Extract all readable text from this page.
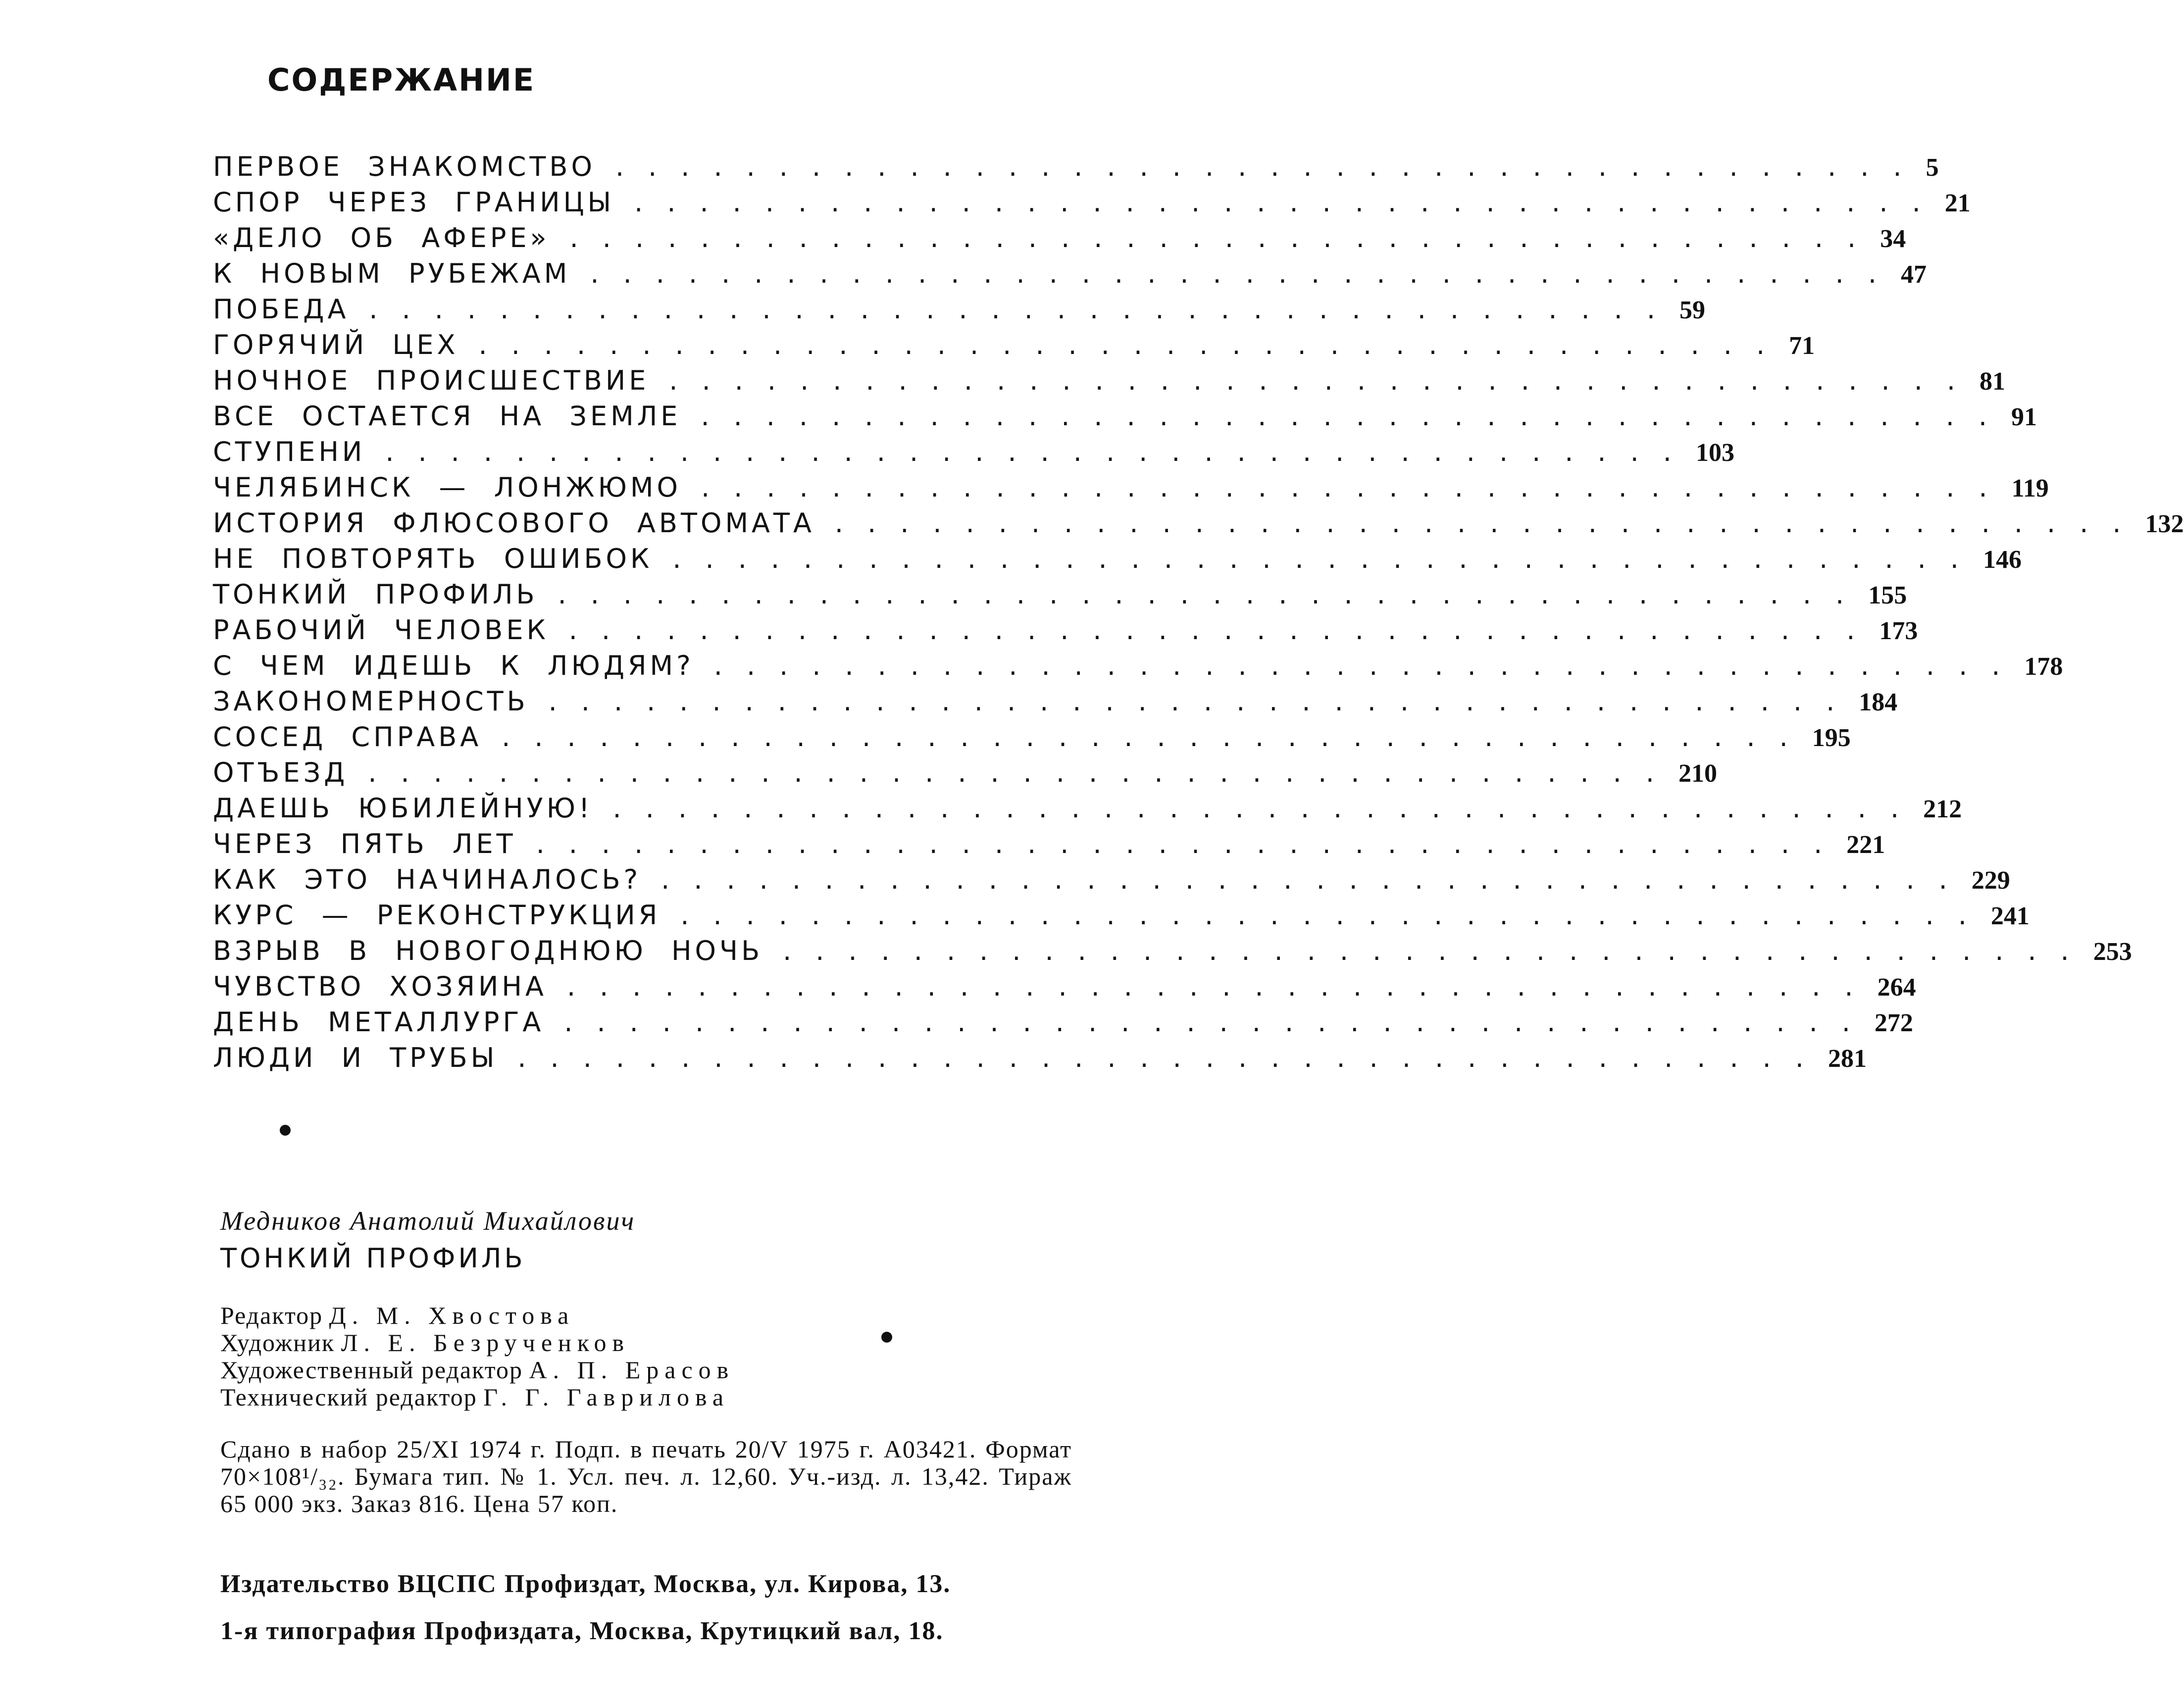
СОДЕРЖАНИЕ
ПЕРВОЕ ЗНАКОМСТВО ........................................ 5
СПОР ЧЕРЕЗ ГРАНИЦЫ ........................................ 21
«ДЕЛО ОБ АФЕРЕ» ........................................ 34
К НОВЫМ РУБЕЖАМ ........................................ 47
ПОБЕДА ........................................ 59
ГОРЯЧИЙ ЦЕХ ........................................ 71
НОЧНОЕ ПРОИСШЕСТВИЕ ........................................ 81
ВСЕ ОСТАЕТСЯ НА ЗЕМЛЕ ........................................ 91
СТУПЕНИ ........................................ 103
ЧЕЛЯБИНСК — ЛОНЖЮМО ........................................ 119
ИСТОРИЯ ФЛЮСОВОГО АВТОМАТА ........................................ 132
НЕ ПОВТОРЯТЬ ОШИБОК ........................................ 146
ТОНКИЙ ПРОФИЛЬ ........................................ 155
РАБОЧИЙ ЧЕЛОВЕК ........................................ 173
С ЧЕМ ИДЕШЬ К ЛЮДЯМ? ........................................ 178
ЗАКОНОМЕРНОСТЬ ........................................ 184
СОСЕД СПРАВА ........................................ 195
ОТЪЕЗД ........................................ 210
ДАЕШЬ ЮБИЛЕЙНУЮ! ........................................ 212
ЧЕРЕЗ ПЯТЬ ЛЕТ ........................................ 221
КАК ЭТО НАЧИНАЛОСЬ? ........................................ 229
КУРС — РЕКОНСТРУКЦИЯ ........................................ 241
ВЗРЫВ В НОВОГОДНЮЮ НОЧЬ ........................................ 253
ЧУВСТВО ХОЗЯИНА ........................................ 264
ДЕНЬ МЕТАЛЛУРГА ........................................ 272
ЛЮДИ И ТРУБЫ ........................................ 281
Медников Анатолий Михайлович
ТОНКИЙ ПРОФИЛЬ
Редактор Д. М. Хвостова
Художник Л. Е. Безрученков
Художественный редактор А. П. Ерасов
Технический редактор Г. Г. Гаврилова
Сдано в набор 25/XI 1974 г. Подп. в печать 20/V 1975 г. А03421. Формат 70×108¹/₃₂. Бумага тип. № 1. Усл. печ. л. 12,60. Уч.-изд. л. 13,42. Тираж 65 000 экз. Заказ 816. Цена 57 коп.
Издательство ВЦСПС Профиздат, Москва, ул. Кирова, 13.
1-я типография Профиздата, Москва, Крутицкий вал, 18.
